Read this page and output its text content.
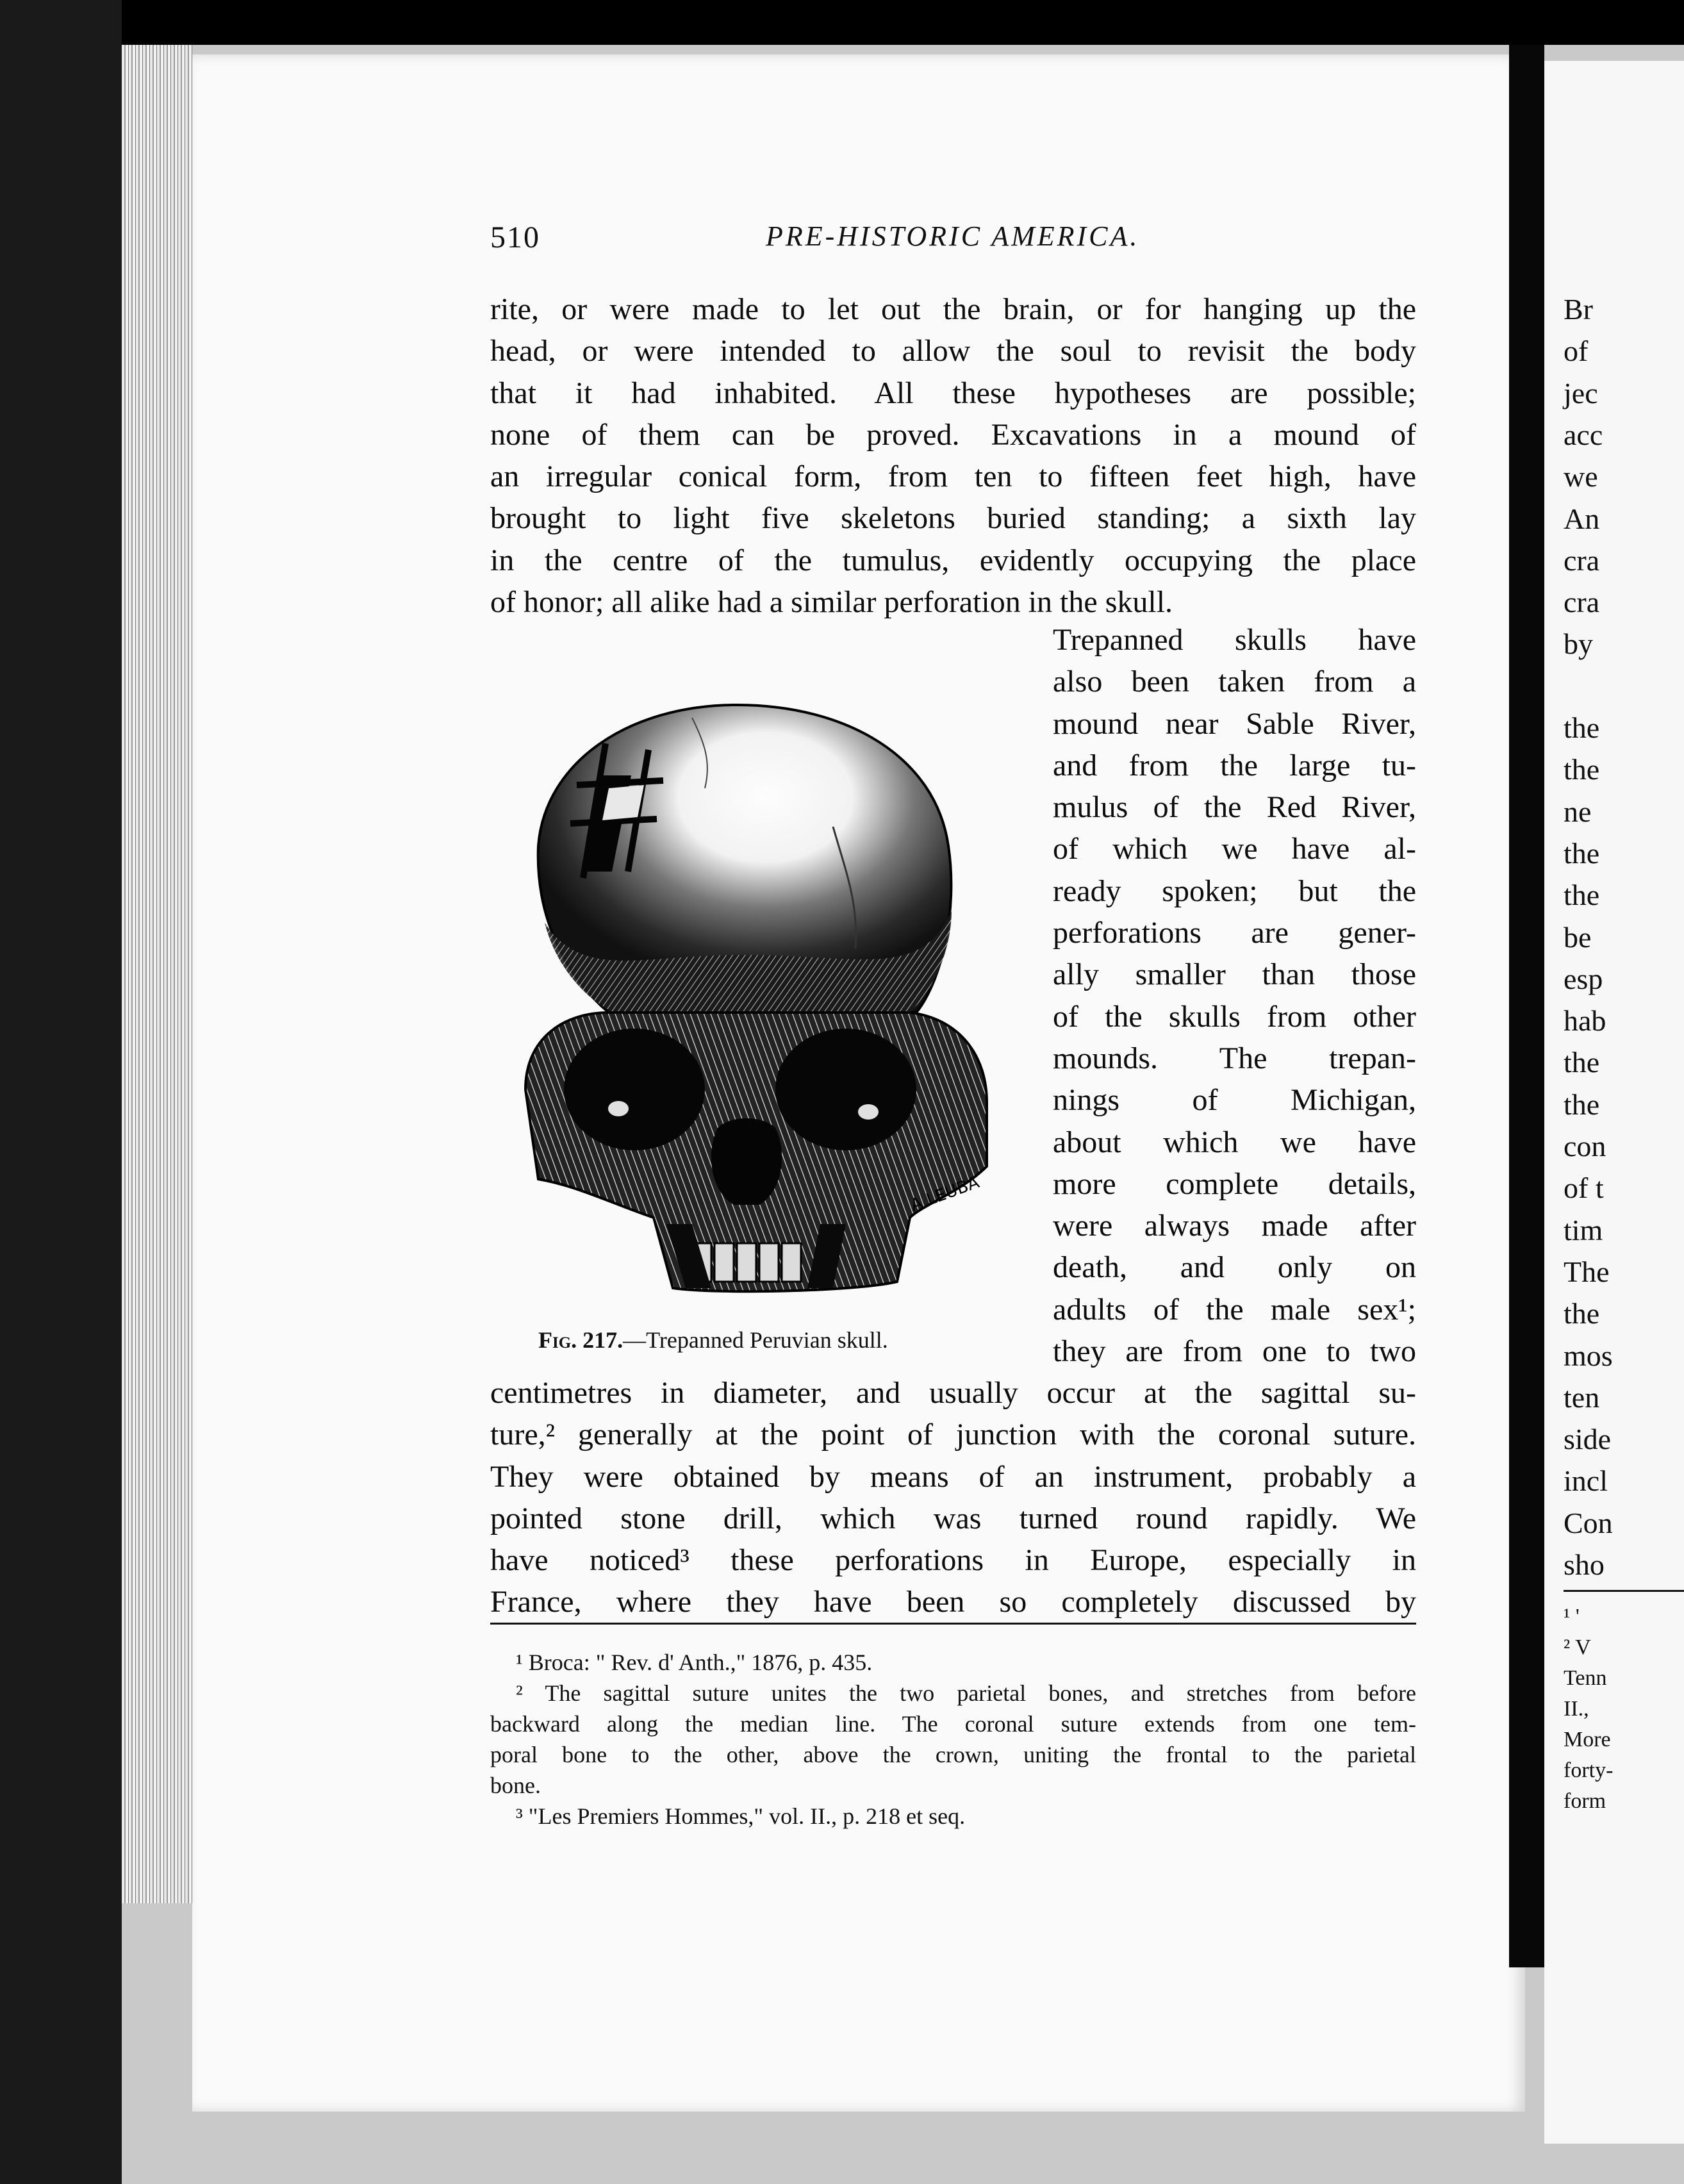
Br
of
jec
acc
we
An
cra
cra
by
the
the
ne
the
the
be
esp
hab
the
the
con
of t
tim
The
the
mos
ten
side
incl
Con
sho
¹ '
² V
Tenn
II.,
More
forty-
form
510	PRE-HISTORIC AMERICA.
rite, or were made to let out the brain, or for hanging up the
head, or were intended to allow the soul to revisit the body
that it had inhabited. All these hypotheses are possible;
none of them can be proved. Excavations in a mound of
an irregular conical form, from ten to fifteen feet high, have
brought to light five skeletons buried standing; a sixth lay
in the centre of the tumulus, evidently occupying the place
of honor; all alike had a similar perforation in the skull.
Trepanned skulls have
also been taken from a
mound near Sable River,
and from the large tu-
mulus of the Red River,
of which we have al-
ready spoken; but the
perforations are gener-
ally smaller than those
of the skulls from other
mounds. The trepan-
nings of Michigan,
about which we have
more complete details,
were always made after
death, and only on
adults of the male sex¹;
they are from one to two
centimetres in diameter, and usually occur at the sagittal su-
ture,² generally at the point of junction with the coronal suture.
They were obtained by means of an instrument, probably a
pointed stone drill, which was turned round rapidly. We
have noticed³ these perforations in Europe, especially in
France, where they have been so completely discussed by
A LEUBA
Fig. 217.—Trepanned Peruvian skull.
¹ Broca: " Rev. d' Anth.," 1876, p. 435.
² The sagittal suture unites the two parietal bones, and stretches from before
backward along the median line. The coronal suture extends from one tem-
poral bone to the other, above the crown, uniting the frontal to the parietal
bone.
³ "Les Premiers Hommes," vol. II., p. 218 et seq.
